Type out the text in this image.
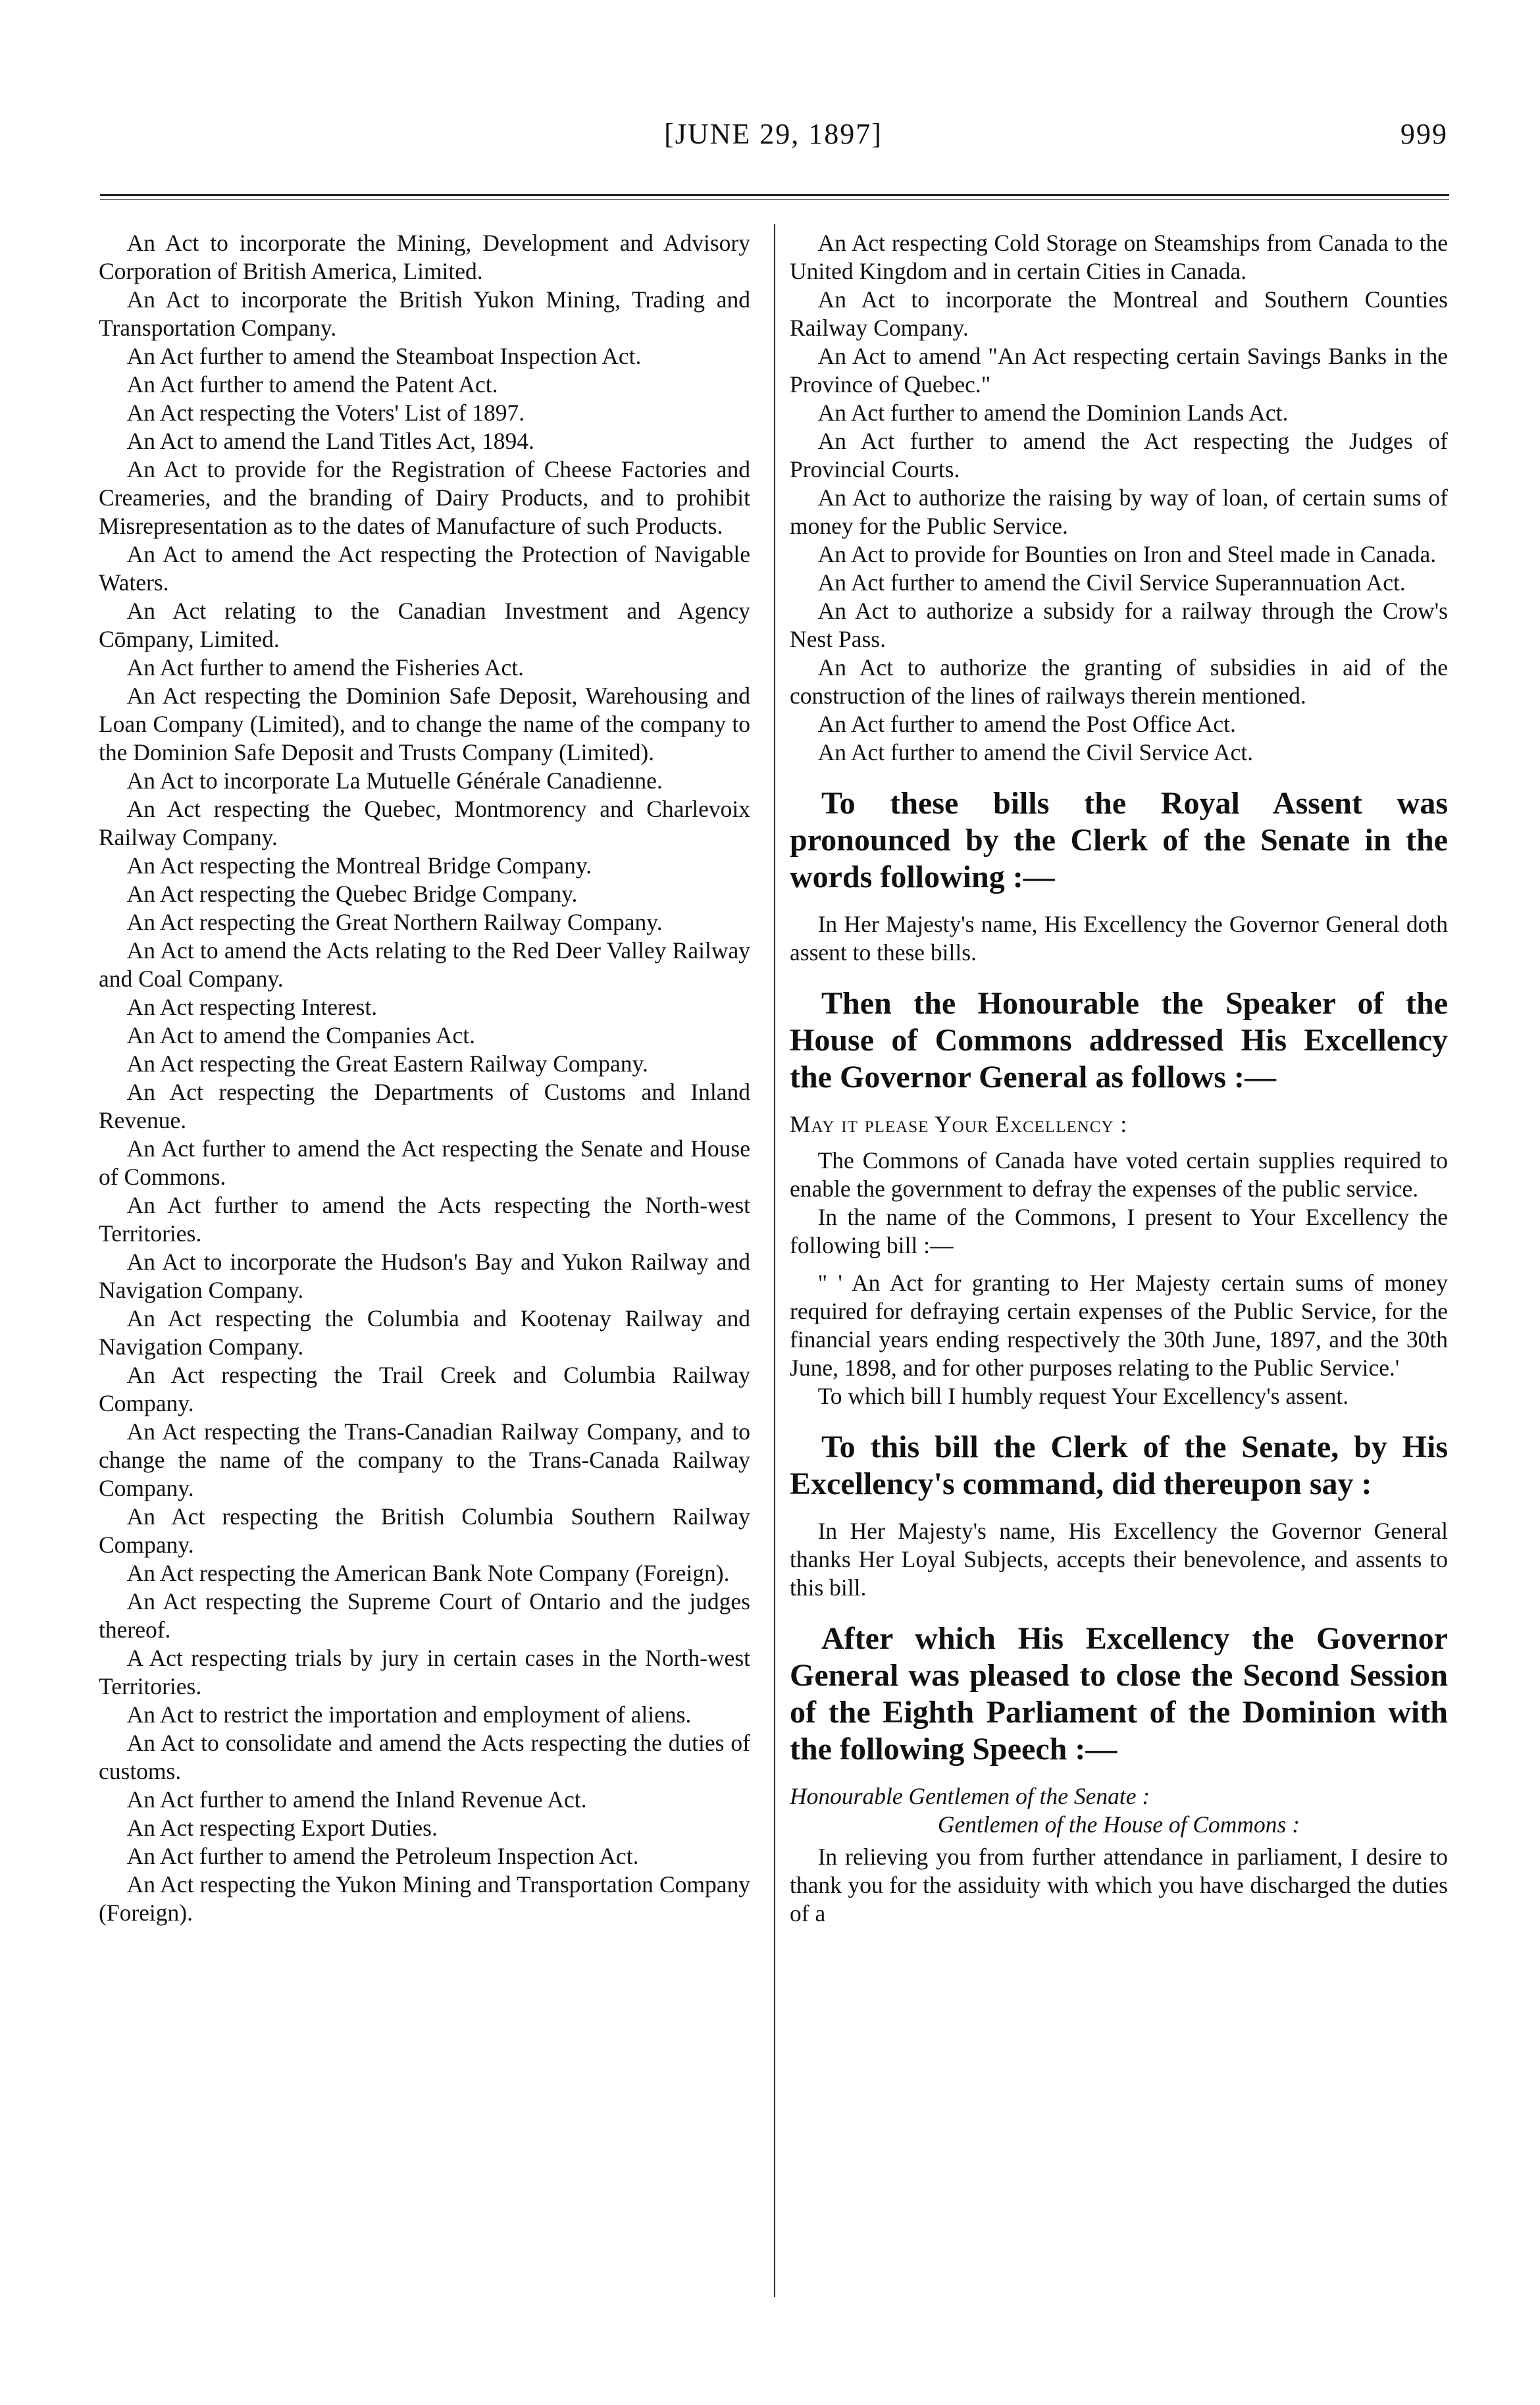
[JUNE 29, 1897]	999

An Act to incorporate the Mining, Development and Advisory Corporation of British America, Limited.

An Act to incorporate the British Yukon Mining, Trading and Transportation Company.

An Act further to amend the Steamboat Inspection Act.

An Act further to amend the Patent Act.

An Act respecting the Voters' List of 1897.

An Act to amend the Land Titles Act, 1894.

An Act to provide for the Registration of Cheese Factories and Creameries, and the branding of Dairy Products, and to prohibit Misrepresentation as to the dates of Manufacture of such Products.

An Act to amend the Act respecting the Protection of Navigable Waters.

An Act relating to the Canadian Investment and Agency Cōmpany, Limited.

An Act further to amend the Fisheries Act.

An Act respecting the Dominion Safe Deposit, Warehousing and Loan Company (Limited), and to change the name of the company to the Dominion Safe Deposit and Trusts Company (Limited).

An Act to incorporate La Mutuelle Générale Canadienne.

An Act respecting the Quebec, Montmorency and Charlevoix Railway Company.

An Act respecting the Montreal Bridge Company.

An Act respecting the Quebec Bridge Company.

An Act respecting the Great Northern Railway Company.

An Act to amend the Acts relating to the Red Deer Valley Railway and Coal Company.

An Act respecting Interest.

An Act to amend the Companies Act.

An Act respecting the Great Eastern Railway Company.

An Act respecting the Departments of Customs and Inland Revenue.

An Act further to amend the Act respecting the Senate and House of Commons.

An Act further to amend the Acts respecting the North-west Territories.

An Act to incorporate the Hudson's Bay and Yukon Railway and Navigation Company.

An Act respecting the Columbia and Kootenay Railway and Navigation Company.

An Act respecting the Trail Creek and Columbia Railway Company.

An Act respecting the Trans-Canadian Railway Company, and to change the name of the company to the Trans-Canada Railway Company.

An Act respecting the British Columbia Southern Railway Company.

An Act respecting the American Bank Note Company (Foreign).

An Act respecting the Supreme Court of Ontario and the judges thereof.

A Act respecting trials by jury in certain cases in the North-west Territories.

An Act to restrict the importation and employment of aliens.

An Act to consolidate and amend the Acts respecting the duties of customs.

An Act further to amend the Inland Revenue Act.

An Act respecting Export Duties.

An Act further to amend the Petroleum Inspection Act.

An Act respecting the Yukon Mining and Transportation Company (Foreign).

An Act respecting Cold Storage on Steamships from Canada to the United Kingdom and in certain Cities in Canada.

An Act to incorporate the Montreal and Southern Counties Railway Company.

An Act to amend "An Act respecting certain Savings Banks in the Province of Quebec."

An Act further to amend the Dominion Lands Act.

An Act further to amend the Act respecting the Judges of Provincial Courts.

An Act to authorize the raising by way of loan, of certain sums of money for the Public Service.

An Act to provide for Bounties on Iron and Steel made in Canada.

An Act further to amend the Civil Service Superannuation Act.

An Act to authorize a subsidy for a railway through the Crow's Nest Pass.

An Act to authorize the granting of subsidies in aid of the construction of the lines of railways therein mentioned.

An Act further to amend the Post Office Act.

An Act further to amend the Civil Service Act.

To these bills the Royal Assent was pronounced by the Clerk of the Senate in the words following :—

In Her Majesty's name, His Excellency the Governor General doth assent to these bills.

Then the Honourable the Speaker of the House of Commons addressed His Excellency the Governor General as follows :—

May it please Your Excellency :

The Commons of Canada have voted certain supplies required to enable the government to defray the expenses of the public service.

In the name of the Commons, I present to Your Excellency the following bill :—

" ' An Act for granting to Her Majesty certain sums of money required for defraying certain expenses of the Public Service, for the financial years ending respectively the 30th June, 1897, and the 30th June, 1898, and for other purposes relating to the Public Service.'

To which bill I humbly request Your Excellency's assent.

To this bill the Clerk of the Senate, by His Excellency's command, did thereupon say :

In Her Majesty's name, His Excellency the Governor General thanks Her Loyal Subjects, accepts their benevolence, and assents to this bill.

After which His Excellency the Governor General was pleased to close the Second Session of the Eighth Parliament of the Dominion with the following Speech :—

Honourable Gentlemen of the Senate :

Gentlemen of the House of Commons :

In relieving you from further attendance in parliament, I desire to thank you for the assiduity with which you have discharged the duties of a
